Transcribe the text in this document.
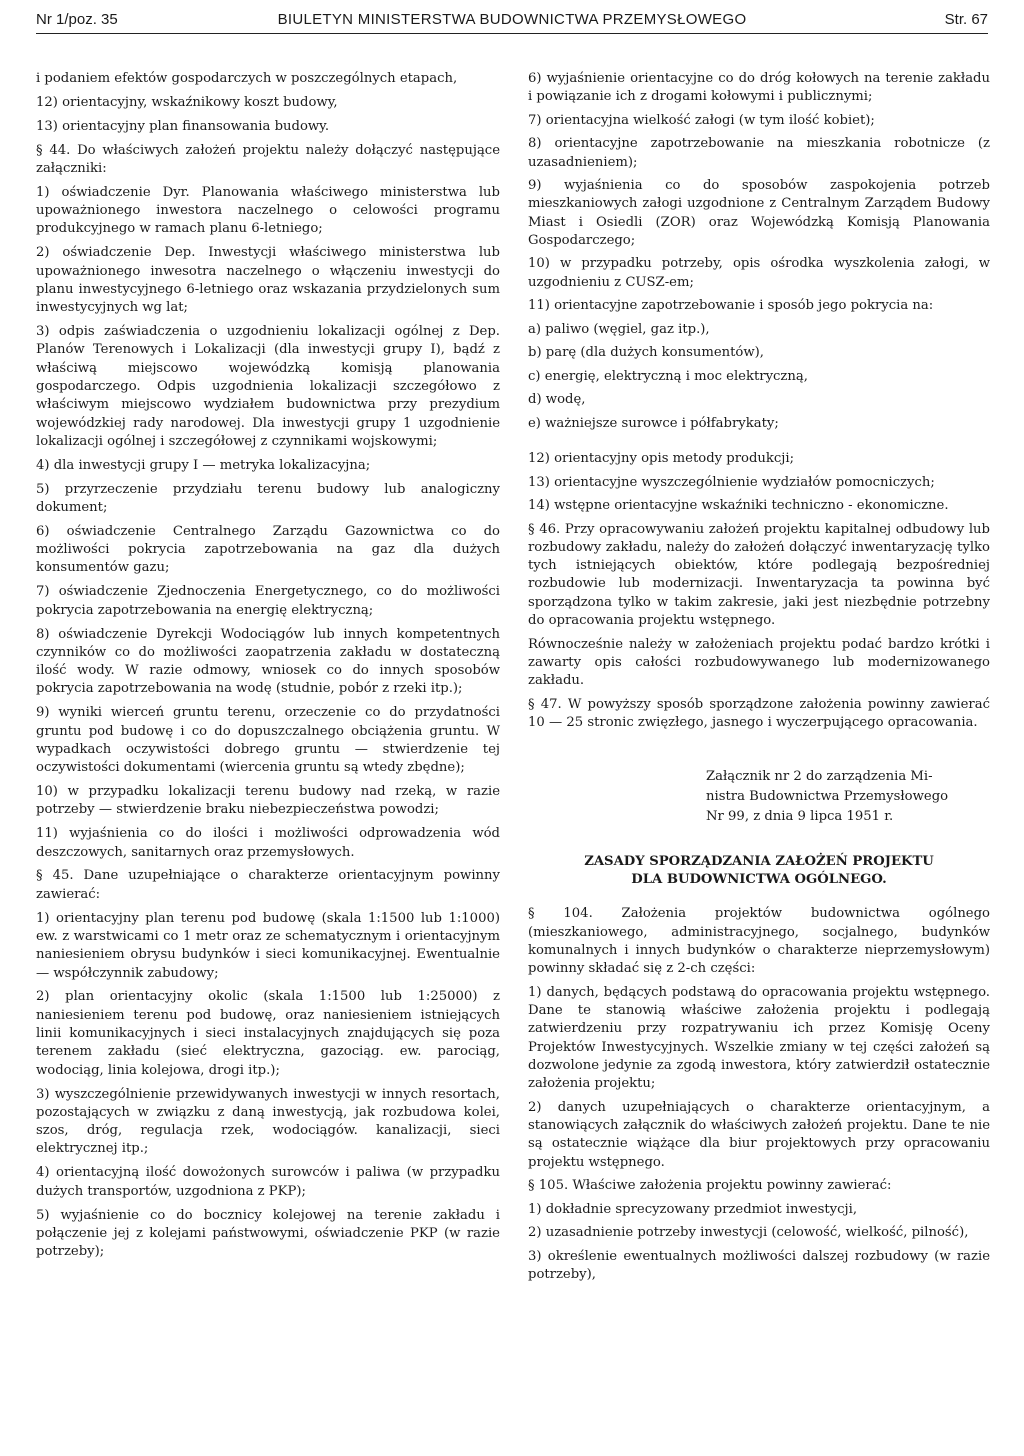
BIULETYN MINISTERSTWA BUDOWNICTWA PRZEMYSŁOWEGO
Nr 1/poz. 35	Str. 67

i podaniem efektów gospodarczych w poszczególnych etapach,

12) orientacyjny, wskaźnikowy koszt budowy,

13) orientacyjny plan finansowania budowy.

§ 44. Do właściwych założeń projektu należy dołączyć następujące załączniki:

1) oświadczenie Dyr. Planowania właściwego ministerstwa lub upoważnionego inwestora naczelnego o celowości programu produkcyjnego w ramach planu 6-letniego;

2) oświadczenie Dep. Inwestycji właściwego ministerstwa lub upoważnionego inwesotra naczelnego o włączeniu inwestycji do planu inwestycyjnego 6-letniego oraz wskazania przydzielonych sum inwestycyjnych wg lat;

3) odpis zaświadczenia o uzgodnieniu lokalizacji ogólnej z Dep. Planów Terenowych i Lokalizacji (dla inwestycji grupy I), bądź z właściwą miejscowo wojewódzką komisją planowania gospodarczego. Odpis uzgodnienia lokalizacji szczegółowo z właściwym miejscowo wydziałem budownictwa przy prezydium wojewódzkiej rady narodowej. Dla inwestycji grupy 1 uzgodnienie lokalizacji ogólnej i szczegółowej z czynnikami wojskowymi;

4) dla inwestycji grupy I — metryka lokalizacyjna;

5) przyrzeczenie przydziału terenu budowy lub analogiczny dokument;

6) oświadczenie Centralnego Zarządu Gazownictwa co do możliwości pokrycia zapotrzebowania na gaz dla dużych konsumentów gazu;

7) oświadczenie Zjednoczenia Energetycznego, co do możliwości pokrycia zapotrzebowania na energię elektryczną;

8) oświadczenie Dyrekcji Wodociągów lub innych kompetentnych czynników co do możliwości zaopatrzenia zakładu w dostateczną ilość wody. W razie odmowy, wniosek co do innych sposobów pokrycia zapotrzebowania na wodę (studnie, pobór z rzeki itp.);

9) wyniki wierceń gruntu terenu, orzeczenie co do przydatności gruntu pod budowę i co do dopuszczalnego obciążenia gruntu. W wypadkach oczywistości dobrego gruntu — stwierdzenie tej oczywistości dokumentami (wiercenia gruntu są wtedy zbędne);

10) w przypadku lokalizacji terenu budowy nad rzeką, w razie potrzeby — stwierdzenie braku niebezpieczeństwa powodzi;

11) wyjaśnienia co do ilości i możliwości odprowadzenia wód deszczowych, sanitarnych oraz przemysłowych.

§ 45. Dane uzupełniające o charakterze orientacyjnym powinny zawierać:

1) orientacyjny plan terenu pod budowę (skala 1:1500 lub 1:1000) ew. z warstwicami co 1 metr oraz ze schematycznym i orientacyjnym naniesieniem obrysu budynków i sieci komunikacyjnej. Ewentualnie — współczynnik zabudowy;

2) plan orientacyjny okolic (skala 1:1500 lub 1:25000) z naniesieniem terenu pod budowę, oraz naniesieniem istniejących linii komunikacyjnych i sieci instalacyjnych znajdujących się poza terenem zakładu (sieć elektryczna, gazociąg. ew. parociąg, wodociąg, linia kolejowa, drogi itp.);

3) wyszczególnienie przewidywanych inwestycji w innych resortach, pozostających w związku z daną inwestycją, jak rozbudowa kolei, szos, dróg, regulacja rzek, wodociągów. kanalizacji, sieci elektrycznej itp.;

4) orientacyjną ilość dowożonych surowców i paliwa (w przypadku dużych transportów, uzgodniona z PKP);

5) wyjaśnienie co do bocznicy kolejowej na terenie zakładu i połączenie jej z kolejami państwowymi, oświadczenie PKP (w razie potrzeby);

6) wyjaśnienie orientacyjne co do dróg kołowych na terenie zakładu i powiązanie ich z drogami kołowymi i publicznymi;

7) orientacyjna wielkość załogi (w tym ilość kobiet);

8) orientacyjne zapotrzebowanie na mieszkania robotnicze (z uzasadnieniem);

9) wyjaśnienia co do sposobów zaspokojenia potrzeb mieszkaniowych załogi uzgodnione z Centralnym Zarządem Budowy Miast i Osiedli (ZOR) oraz Wojewódzką Komisją Planowania Gospodarczego;

10) w przypadku potrzeby, opis ośrodka wyszkolenia załogi, w uzgodnieniu z CUSZ-em;

11) orientacyjne zapotrzebowanie i sposób jego pokrycia na:

a) paliwo (węgiel, gaz itp.),

b) parę (dla dużych konsumentów),

c) energię, elektryczną i moc elektryczną,

d) wodę,

e) ważniejsze surowce i półfabrykaty;

12) orientacyjny opis metody produkcji;

13) orientacyjne wyszczególnienie wydziałów pomocniczych;

14) wstępne orientacyjne wskaźniki techniczno - ekonomiczne.

§ 46. Przy opracowywaniu założeń projektu kapitalnej odbudowy lub rozbudowy zakładu, należy do założeń dołączyć inwentaryzację tylko tych istniejących obiektów, które podlegają bezpośredniej rozbudowie lub modernizacji. Inwentaryzacja ta powinna być sporządzona tylko w takim zakresie, jaki jest niezbędnie potrzebny do opracowania projektu wstępnego.

Równocześnie należy w założeniach projektu podać bardzo krótki i zawarty opis całości rozbudowywanego lub modernizowanego zakładu.

§ 47. W powyższy sposób sporządzone założenia powinny zawierać 10 — 25 stronic zwięzłego, jasnego i wyczerpującego opracowania.

Załącznik nr 2 do zarządzenia Mi-
nistra Budownictwa Przemysłowego
Nr 99, z dnia 9 lipca 1951 r.
ZASADY SPORZĄDZANIA ZAŁOŻEŃ PROJEKTU
DLA BUDOWNICTWA OGÓLNEGO.

§ 104. Założenia projektów budownictwa ogólnego (mieszkaniowego, administracyjnego, socjalnego, budynków komunalnych i innych budynków o charakterze nieprzemysłowym) powinny składać się z 2-ch części:

1) danych, będących podstawą do opracowania projektu wstępnego. Dane te stanowią właściwe założenia projektu i podlegają zatwierdzeniu przy rozpatrywaniu ich przez Komisję Oceny Projektów Inwestycyjnych. Wszelkie zmiany w tej części założeń są dozwolone jedynie za zgodą inwestora, który zatwierdził ostatecznie założenia projektu;

2) danych uzupełniających o charakterze orientacyjnym, a stanowiących załącznik do właściwych założeń projektu. Dane te nie są ostatecznie wiążące dla biur projektowych przy opracowaniu projektu wstępnego.

§ 105. Właściwe założenia projektu powinny zawierać:

1) dokładnie sprecyzowany przedmiot inwestycji,

2) uzasadnienie potrzeby inwestycji (celowość, wielkość, pilność),

3) określenie ewentualnych możliwości dalszej rozbudowy (w razie potrzeby),
